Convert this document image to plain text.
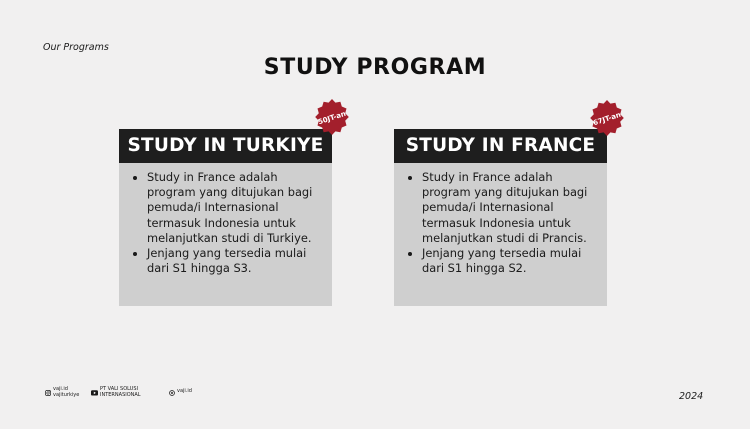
Our Programs
STUDY PROGRAM
STUDY IN TURKIYE
Study in France adalah program yang ditujukan bagi pemuda/i Internasional termasuk Indonesia untuk melanjutkan studi di Turkiye.
Jenjang yang tersedia mulai dari S1 hingga S3.
50JT-an
STUDY IN FRANCE
Study in France adalah program yang ditujukan bagi pemuda/i Internasional termasuk Indonesia untuk melanjutkan studi di Prancis.
Jenjang yang tersedia mulai dari S1 hingga S2.
67JT-an
vaji.id
vajiturkiye
PT VALI SOLUSI
INTERNASIONAL
vaji.id	2024
